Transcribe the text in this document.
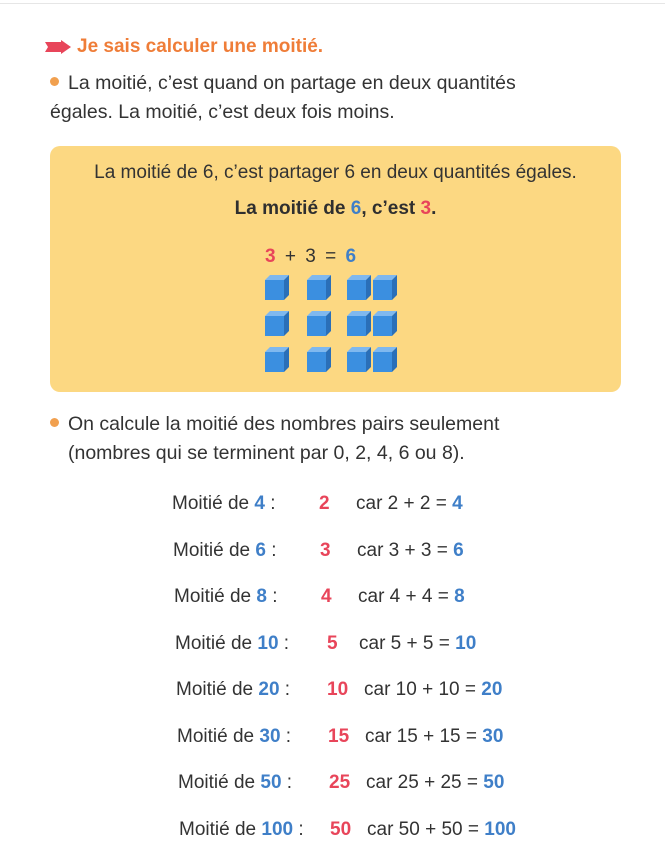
Je sais calculer une moitié.
La moitié, c’est quand on partage en deux quantités
égales. La moitié, c’est deux fois moins.
La moitié de 6, c’est partager 6 en deux quantités égales.
La moitié de 6, c’est 3.
3 + 3 = 6
On calcule la moitié des nombres pairs seulement
(nombres qui se terminent par 0, 2, 4, 6 ou 8).
Moitié de 4 : 2 car 2 + 2 = 4
Moitié de 6 : 3 car 3 + 3 = 6
Moitié de 8 : 4 car 4 + 4 = 8
Moitié de 10 : 5 car 5 + 5 = 10
Moitié de 20 : 10 car 10 + 10 = 20
Moitié de 30 : 15 car 15 + 15 = 30
Moitié de 50 : 25 car 25 + 25 = 50
Moitié de 100 : 50 car 50 + 50 = 100
